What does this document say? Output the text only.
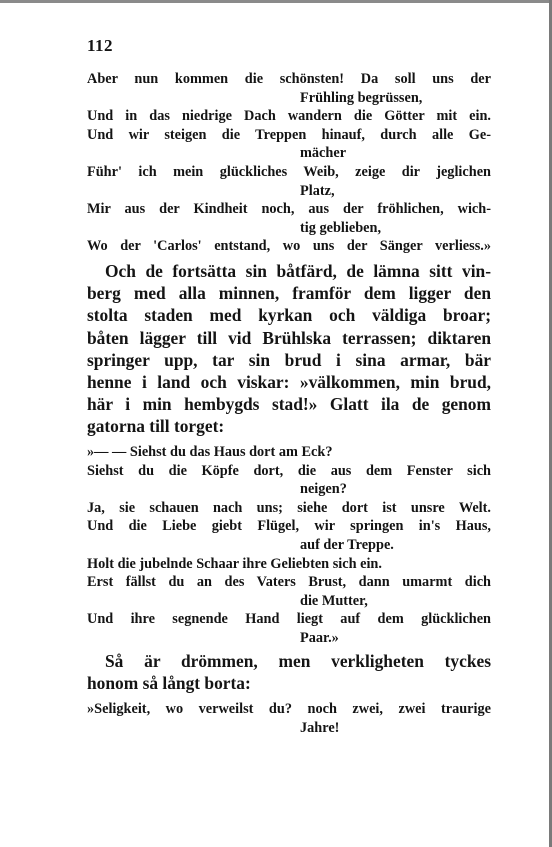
112
Aber nun kommen die schönsten! Da soll uns der
Frühling begrüssen,
Und in das niedrige Dach wandern die Götter mit ein.
Und wir steigen die Treppen hinauf, durch alle Ge-
mächer
Führ' ich mein glückliches Weib, zeige dir jeglichen
Platz,
Mir aus der Kindheit noch, aus der fröhlichen, wich-
tig geblieben,
Wo der 'Carlos' entstand, wo uns der Sänger verliess.»
Och de fortsätta sin båtfärd, de lämna sitt vin-
berg med alla minnen, framför dem ligger den
stolta staden med kyrkan och väldiga broar;
båten lägger till vid Brühlska terrassen; diktaren
springer upp, tar sin brud i sina armar, bär
henne i land och viskar: »välkommen, min brud,
här i min hembygds stad!» Glatt ila de genom
gatorna till torget:
»— — Siehst du das Haus dort am Eck?
Siehst du die Köpfe dort, die aus dem Fenster sich
neigen?
Ja, sie schauen nach uns; siehe dort ist unsre Welt.
Und die Liebe giebt Flügel, wir springen in's Haus,
auf der Treppe.
Holt die jubelnde Schaar ihre Geliebten sich ein.
Erst fällst du an des Vaters Brust, dann umarmt dich
die Mutter,
Und ihre segnende Hand liegt auf dem glücklichen
Paar.»
Så är drömmen, men verkligheten tyckes
honom så långt borta:
»Seligkeit, wo verweilst du? noch zwei, zwei traurige
Jahre!
